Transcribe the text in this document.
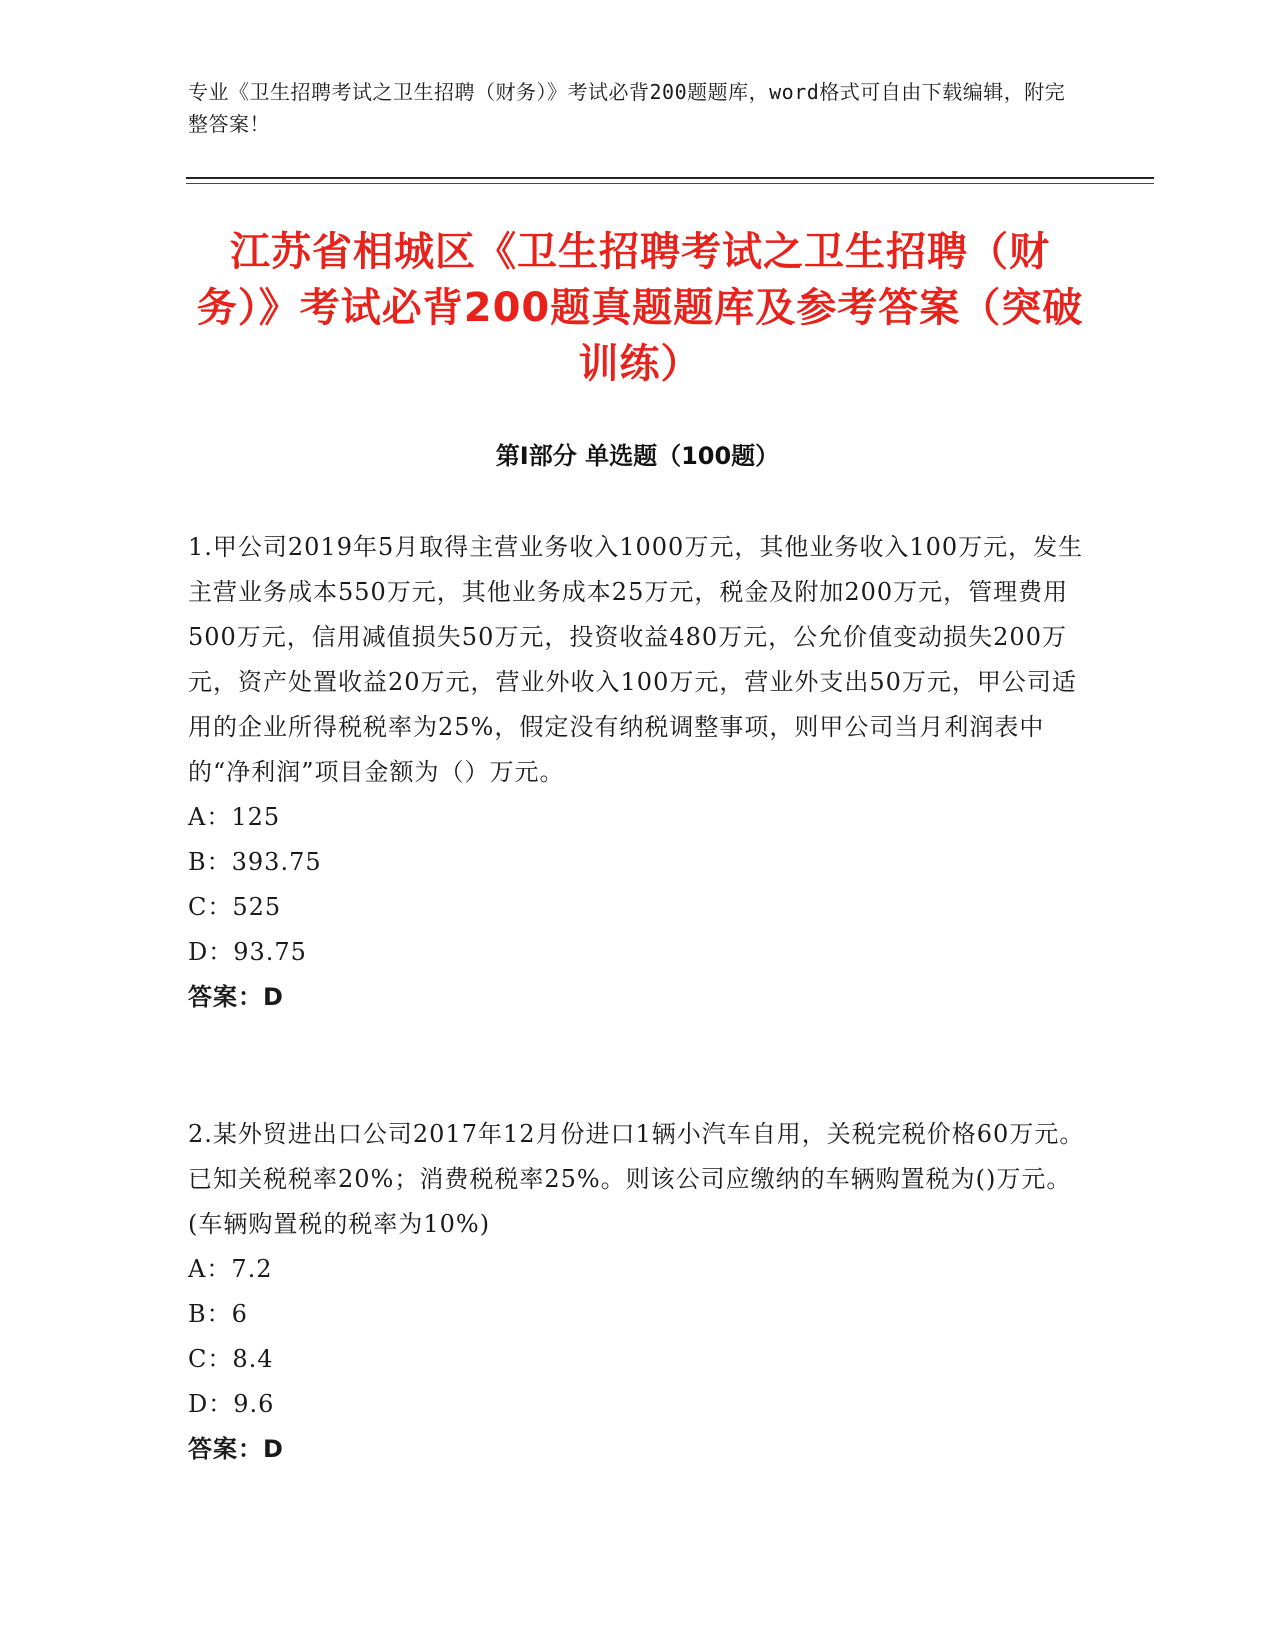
专业《卫生招聘考试之卫生招聘（财务）》考试必背200题题库，word格式可自由下载编辑，附完整答案！
江苏省相城区《卫生招聘考试之卫生招聘（财务）》考试必背200题真题题库及参考答案（突破训练）
第Ⅰ部分 单选题（100题）
1.甲公司2019年5月取得主营业务收入1000万元，其他业务收入100万元，发生主营业务成本550万元，其他业务成本25万元，税金及附加200万元，管理费用500万元，信用减值损失50万元，投资收益480万元，公允价值变动损失200万元，资产处置收益20万元，营业外收入100万元，营业外支出50万元，甲公司适用的企业所得税税率为25%，假定没有纳税调整事项，则甲公司当月利润表中的“净利润”项目金额为（）万元。
A：125
B：393.75
C：525
D：93.75
答案：D
2.某外贸进出口公司2017年12月份进口1辆小汽车自用，关税完税价格60万元。已知关税税率20%；消费税税率25%。则该公司应缴纳的车辆购置税为()万元。(车辆购置税的税率为10%)
A：7.2
B：6
C：8.4
D：9.6
答案：D
